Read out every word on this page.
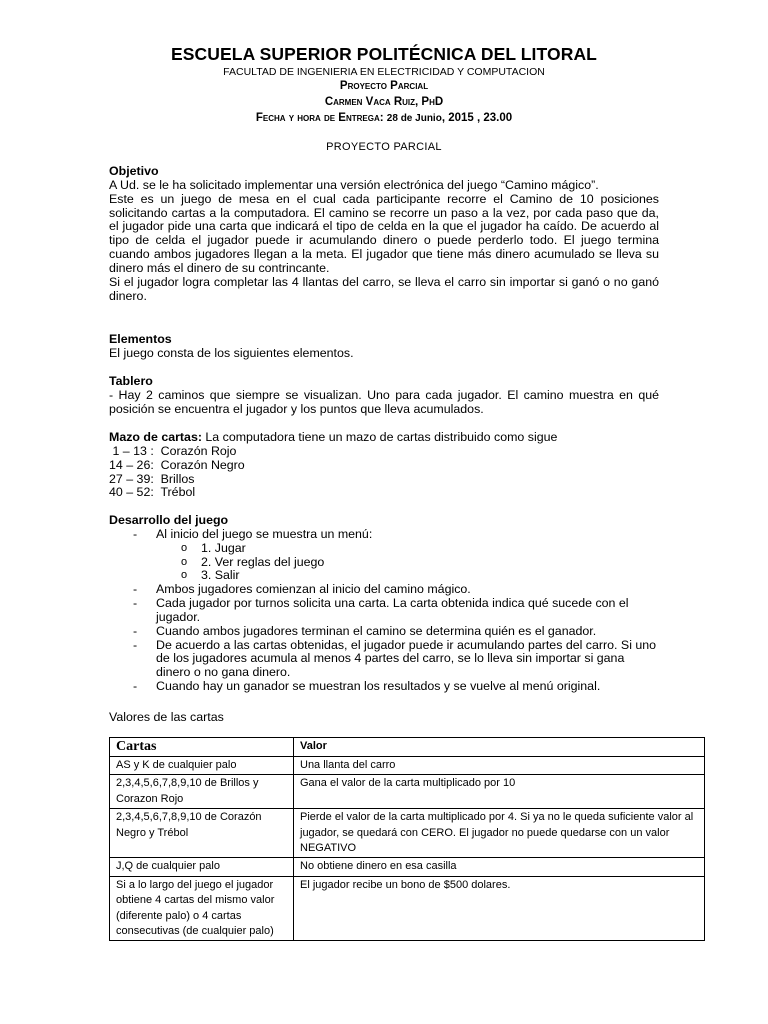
ESCUELA SUPERIOR POLITÉCNICA DEL LITORAL
FACULTAD DE INGENIERIA EN ELECTRICIDAD Y COMPUTACION
Proyecto Parcial
Carmen Vaca Ruiz, PhD
Fecha y hora de Entrega: 28 de Junio, 2015 , 23.00
PROYECTO PARCIAL

Objetivo

A Ud. se le ha solicitado implementar una versión electrónica del juego “Camino mágico”.

Este es un juego de mesa en el cual cada participante recorre el Camino de 10 posiciones solicitando cartas a la computadora. El camino se recorre un paso a la vez, por cada paso que da, el jugador pide una carta que indicará el tipo de celda en la que el jugador ha caído. De acuerdo al tipo de celda el jugador puede ir acumulando dinero o puede perderlo todo. El juego termina cuando ambos jugadores llegan a la meta. El jugador que tiene más dinero acumulado se lleva su dinero más el dinero de su contrincante.

Si el jugador logra completar las 4 llantas del carro, se lleva el carro sin importar si ganó o no ganó dinero.

Elementos

El juego consta de los siguientes elementos.

Tablero

- Hay 2 caminos que siempre se visualizan. Uno para cada jugador. El camino muestra en qué posición se encuentra el jugador y los puntos que lleva acumulados.

Mazo de cartas: La computadora tiene un mazo de cartas distribuido como sigue

1 – 13 :  Corazón Rojo

14 – 26:  Corazón Negro

27 – 39:  Brillos

40 – 52:  Trébol

Desarrollo del juego

- Al inicio del juego se muestra un menú:
o 1. Jugar
o 2. Ver reglas del juego
o 3. Salir
- Ambos jugadores comienzan al inicio del camino mágico.
- Cada jugador por turnos solicita una carta. La carta obtenida indica qué sucede con el jugador.
- Cuando ambos jugadores terminan el camino se determina quién es el ganador.
- De acuerdo a las cartas obtenidas, el jugador puede ir acumulando partes del carro. Si uno de los jugadores acumula al menos 4 partes del carro, se lo lleva sin importar si gana dinero o no gana dinero.
- Cuando hay un ganador se muestran los resultados y se vuelve al menú original.
Valores de las cartas
Cartas	Valor
AS y K de cualquier palo	Una llanta del carro
2,3,4,5,6,7,8,9,10 de Brillos y Corazon Rojo	Gana el valor de la carta multiplicado por 10
2,3,4,5,6,7,8,9,10 de Corazón Negro y Trébol	Pierde el valor de la carta multiplicado por 4. Si ya no le queda suficiente valor al jugador, se quedará con CERO. El jugador no puede quedarse con un valor NEGATIVO
J,Q de cualquier palo	No obtiene dinero en esa casilla
Si a lo largo del juego el jugador obtiene 4 cartas del mismo valor (diferente palo) o 4 cartas consecutivas (de cualquier palo)	El jugador recibe un bono de $500 dolares.
